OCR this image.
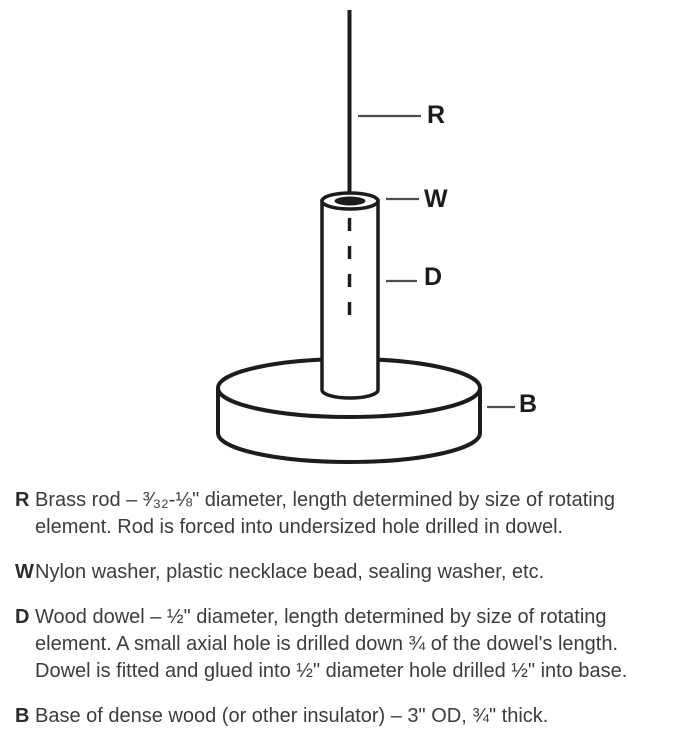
R
W
D
B
R Brass rod – ³⁄₃₂-⅛" diameter, length determined by size of rotating
element. Rod is forced into undersized hole drilled in dowel.
W Nylon washer, plastic necklace bead, sealing washer, etc.
D Wood dowel – ½" diameter, length determined by size of rotating
element. A small axial hole is drilled down ¾ of the dowel's length.
Dowel is fitted and glued into ½" diameter hole drilled ½" into base.
B Base of dense wood (or other insulator) – 3" OD, ¾" thick.
